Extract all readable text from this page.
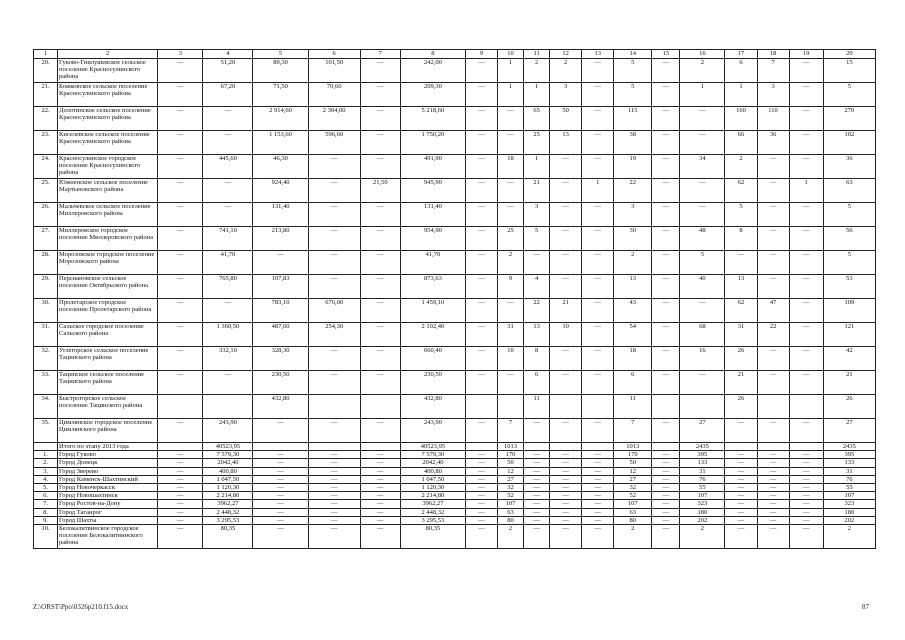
1	2	3	4	5	6	7	8	9	10	11	12	13	14	15	16	17	18	19	20
20.	Гуково-Гнилушевское сельское поселение Красносулинского района	—	51,20	89,30	101,50	—	242,00	—	1	2	2	—	5	—	2	6	7	—	15
21.	Божковское сельское поселение Красносулинского района	—	67,20	71,50	70,60	—	209,30	—	1	1	3	—	5	—	1	1	3	—	5
22.	Долотинское сельское поселение Красносулинского района	—	—	2 914,60	2 304,00	—	5 218,60	—	—	65	50	—	115	—	—	160	110	—	270
23.	Киселевское сельское поселение Красносулинского района	—	—	1 153,60	596,60	—	1 750,20	—	—	25	13	—	38	—	—	66	36	—	102
24.	Красносулинское городское поселение Красносулинского района	—	445,60	46,30	—	—	491,90	—	18	1	—	—	19	—	34	2	—	—	36
25.	Южненское сельское поселение Мартыновского района	—	—	924,40	—	21,50	945,90	—	—	21	—	1	22	—	—	62	—	1	63
26.	Мальчевское сельское поселение Миллеровского района	—	—	131,40	—	—	131,40	—	—	3	—	—	3	—	—	5	—	—	5
27.	Миллеровское городское поселение Миллеровского района	—	741,10	213,80	—	—	954,90	—	25	5	—	—	30	—	48	8	—	—	56
28.	Морозовское городское поселение Морозовского района	—	41,70	—	—	—	41,70	—	2	—	—	—	2	—	5	—	—	—	5
29.	Персиановское сельское поселение Октябрьского района	—	765,80	107,83	—	—	873,63	—	9	4	—	—	13	—	40	13	—	—	53
30.	Пролетарское городское поселение Пролетарского района	—	—	783,10	676,00	—	1 459,10	—	—	22	21	—	43	—	—	62	47	—	109
31.	Сальское городское поселение Сальского района	—	1 360,50	487,60	254,30	—	2 102,40	—	31	13	10	—	54	—	68	31	22	—	121
32.	Углегорское сельское поселение Тацинского района	—	332,10	328,30	—	—	660,40	—	10	8	—	—	18	—	16	26	—	—	42
33.	Тацинское сельское поселение Тацинского района	—	—	230,50	—	—	230,50	—	—	6	—	—	6	—	—	21	—	—	21
34.	Быстрогорское сельское поселение Тацинского района			432,80			432,80			11			11			26			26
35.	Цимлянское городское поселение Цимлянского района	—	243,90	—	—	—	243,90	—	7	—	—	—	7	—	27	—	—	—	27
	Итого по этапу 2013 года		40523,95				40523,95		1013				1013		2435				2435
1.	Город Гуково	—	7 579,30	—	—	—	7 579,30	—	170	—	—	—	170	—	395	—	—	—	395
2.	Город Донецк	—	2042,40	—	—	—	2042,40	—	50	—	—	—	50	—	133	—	—	—	133
3.	Город Зверево	—	400,80	—	—	—	400,80	—	12	—	—	—	12	—	31	—	—	—	31
4.	Город Каменск-Шахтинский	—	1 047,50	—	—	—	1 047,50	—	27	—	—	—	27	—	76	—	—	—	76
5.	Город Новочеркасск	—	1 120,30	—	—	—	1 120,30	—	32	—	—	—	32	—	55	—	—	—	55
6.	Город Новошахтинск	—	2 214,80	—	—	—	2 214,80	—	52	—	—	—	52	—	107	—	—	—	107
7.	Город Ростов-на-Дону	—	3962,27	—	—	—	3962,27	—	107	—	—	—	107	—	323	—	—	—	323
8.	Город Таганрог	—	2 448,32	—	—	—	2 448,32	—	63	—	—	—	63	—	180	—	—	—	180
9.	Город Шахты	—	3 295,53	—	—	—	3 295,53	—	80	—	—	—	80	—	202	—	—	—	202
10.	Белокалитвинское городское поселение Белокалитвинского района	—	80,35	—	—	—	80,35	—	2	—	—	—	2	—	2	—	—	—	2
Z:\ORST\Ppo\0326p210.f15.docx	87
